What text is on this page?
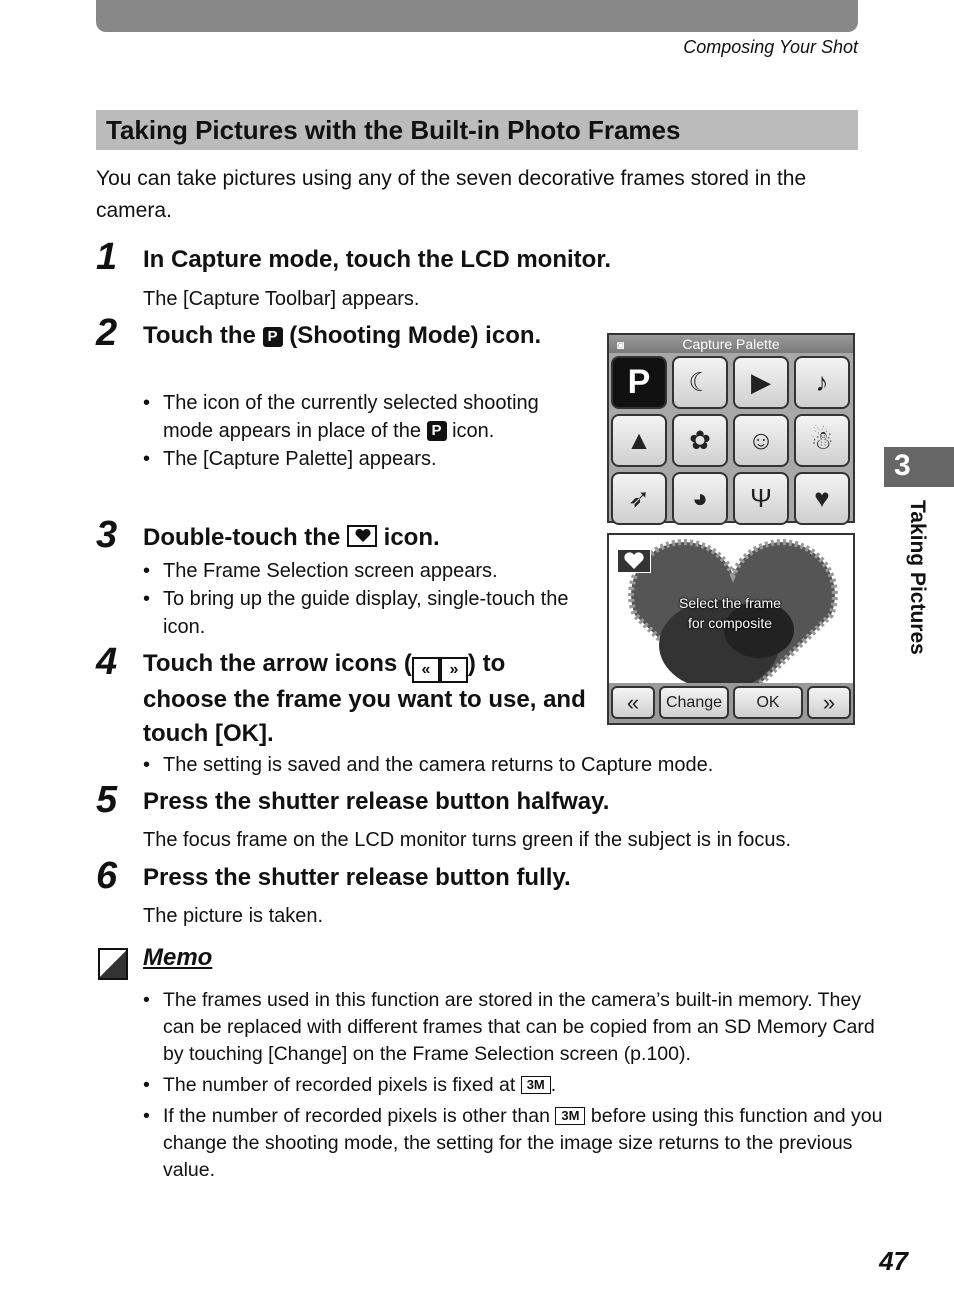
Composing Your Shot
Taking Pictures with the Built-in Photo Frames
You can take pictures using any of the seven decorative frames stored in the camera.
1 In Capture mode, touch the LCD monitor.
The [Capture Toolbar] appears.
2 Touch the P (Shooting Mode) icon.
• The icon of the currently selected shooting mode appears in place of the P icon.
• The [Capture Palette] appears.
3 Double-touch the icon.
• The Frame Selection screen appears.
• To bring up the guide display, single-touch the icon.
4 Touch the arrow icons ( « » ) to choose the frame you want to use, and touch [OK].
• The setting is saved and the camera returns to Capture mode.
5 Press the shutter release button halfway.
The focus frame on the LCD monitor turns green if the subject is in focus.
6 Press the shutter release button fully.
The picture is taken.
Capture Palette
◙
P	☾	▶	♪
▲	✿	☺	☃
➶	◕	Ψ	♥
Select the frame
for composite
«	Change	OK	»
3
Taking Pictures
Memo
• The frames used in this function are stored in the camera’s built-in memory. They can be replaced with different frames that can be copied from an SD Memory Card by touching [Change] on the Frame Selection screen (p.100).
• The number of recorded pixels is fixed at 3M .
• If the number of recorded pixels is other than 3M before using this function and you change the shooting mode, the setting for the image size returns to the previous value.
47
